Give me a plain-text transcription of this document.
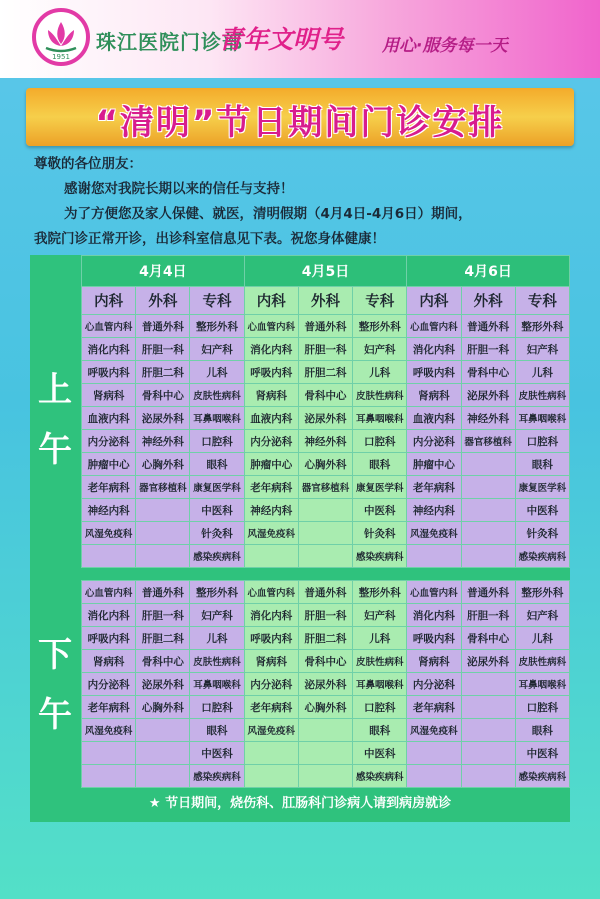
1951
珠江医院门诊部
青年文明号 用心·服务每一天
“清明”节日期间门诊安排
尊敬的各位朋友：
感谢您对我院长期以来的信任与支持！
为了方便您及家人保健、就医，清明假期（4月4日-4月6日）期间，
我院门诊正常开诊，出诊科室信息见下表。祝您身体健康！
上
午
下
午
4月4日			4月5日			4月6日		
内科	外科	专科	内科	外科	专科	内科	外科	专科
心血管内科	普通外科	整形外科	心血管内科	普通外科	整形外科	心血管内科	普通外科	整形外科
消化内科	肝胆一科	妇产科	消化内科	肝胆一科	妇产科	消化内科	肝胆一科	妇产科
呼吸内科	肝胆二科	儿科	呼吸内科	肝胆二科	儿科	呼吸内科	骨科中心	儿科
肾病科	骨科中心	皮肤性病科	肾病科	骨科中心	皮肤性病科	肾病科	泌尿外科	皮肤性病科
血液内科	泌尿外科	耳鼻咽喉科	血液内科	泌尿外科	耳鼻咽喉科	血液内科	神经外科	耳鼻咽喉科
内分泌科	神经外科	口腔科	内分泌科	神经外科	口腔科	内分泌科	器官移植科	口腔科
肿瘤中心	心胸外科	眼科	肿瘤中心	心胸外科	眼科	肿瘤中心		眼科
老年病科	器官移植科	康复医学科	老年病科	器官移植科	康复医学科	老年病科		康复医学科
神经内科		中医科	神经内科		中医科	神经内科		中医科
风湿免疫科		针灸科	风湿免疫科		针灸科	风湿免疫科		针灸科
		感染疾病科			感染疾病科			感染疾病科
心血管内科	普通外科	整形外科	心血管内科	普通外科	整形外科	心血管内科	普通外科	整形外科
消化内科	肝胆一科	妇产科	消化内科	肝胆一科	妇产科	消化内科	肝胆一科	妇产科
呼吸内科	肝胆二科	儿科	呼吸内科	肝胆二科	儿科	呼吸内科	骨科中心	儿科
肾病科	骨科中心	皮肤性病科	肾病科	骨科中心	皮肤性病科	肾病科	泌尿外科	皮肤性病科
内分泌科	泌尿外科	耳鼻咽喉科	内分泌科	泌尿外科	耳鼻咽喉科	内分泌科		耳鼻咽喉科
老年病科	心胸外科	口腔科	老年病科	心胸外科	口腔科	老年病科		口腔科
风湿免疫科		眼科	风湿免疫科		眼科	风湿免疫科		眼科
		中医科			中医科			中医科
		感染疾病科			感染疾病科			感染疾病科
★ 节日期间，烧伤科、肛肠科门诊病人请到病房就诊
